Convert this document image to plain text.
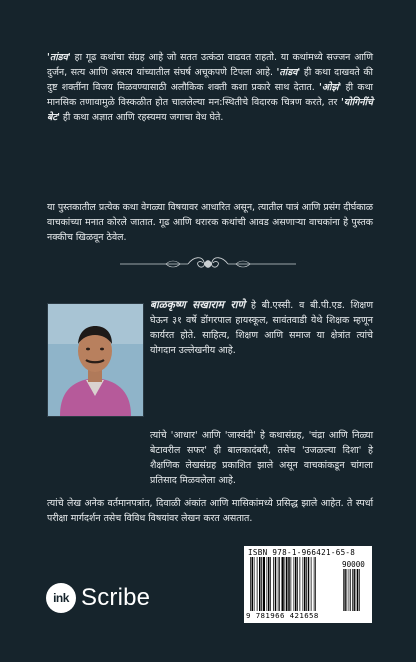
'तांडव' हा गूढ कथांचा संग्रह आहे जो सतत उत्कंठा वाढवत राहतो. या कथांमध्ये सज्जन आणि दुर्जन, सत्य आणि असत्य यांच्यातील संघर्ष अचूकपणे टिपला आहे. 'तांडव' ही कथा दाखवते की दुष्ट शक्तींना विजय मिळवण्यासाठी अलौकिक शक्ती कशा प्रकारे साथ देतात. 'ओझं' ही कथा मानसिक तणावामुळे विस्कळीत होत चाललेल्या मन:स्थितीचे विदारक चित्रण करते, तर 'योगिनींचे बेट' ही कथा अज्ञात आणि रहस्यमय जगाचा वेध घेते.

या पुस्तकातील प्रत्येक कथा वेगळ्या विषयावर आधारित असून, त्यातील पात्रं आणि प्रसंग दीर्घकाळ वाचकांच्या मनात कोरले जातात. गूढ आणि थरारक कथांची आवड असणाऱ्या वाचकांना हे पुस्तक नक्कीच खिळवून ठेवेल.

बाळकृष्ण सखाराम राणे हे बी.एस्सी. व बी.पी.एड. शिक्षण घेऊन ३१ वर्षे डोंगरपाल हायस्कूल, सावंतवाडी येथे शिक्षक म्हणून कार्यरत होते. साहित्य, शिक्षण आणि समाज या क्षेत्रांत त्यांचे योगदान उल्लेखनीय आहे.

त्यांचे 'आधार' आणि 'जास्वंदी' हे कथासंग्रह, 'चंद्रा आणि निळ्या बेटावरील सफर' ही बालकादंबरी, तसेच 'उजळल्या दिशा' हे शैक्षणिक लेखसंग्रह प्रकाशित झाले असून वाचकांकडून चांगला प्रतिसाद मिळवलेला आहे.

त्यांचे लेख अनेक वर्तमानपत्रांत, दिवाळी अंकांत आणि मासिकांमध्ये प्रसिद्ध झाले आहेत. ते स्पर्धा परीक्षा मार्गदर्शन तसेच विविध विषयांवर लेखन करत असतात.

ink Scribe
ISBN 978-1-966421-65-8
90000
9 781966 421658
